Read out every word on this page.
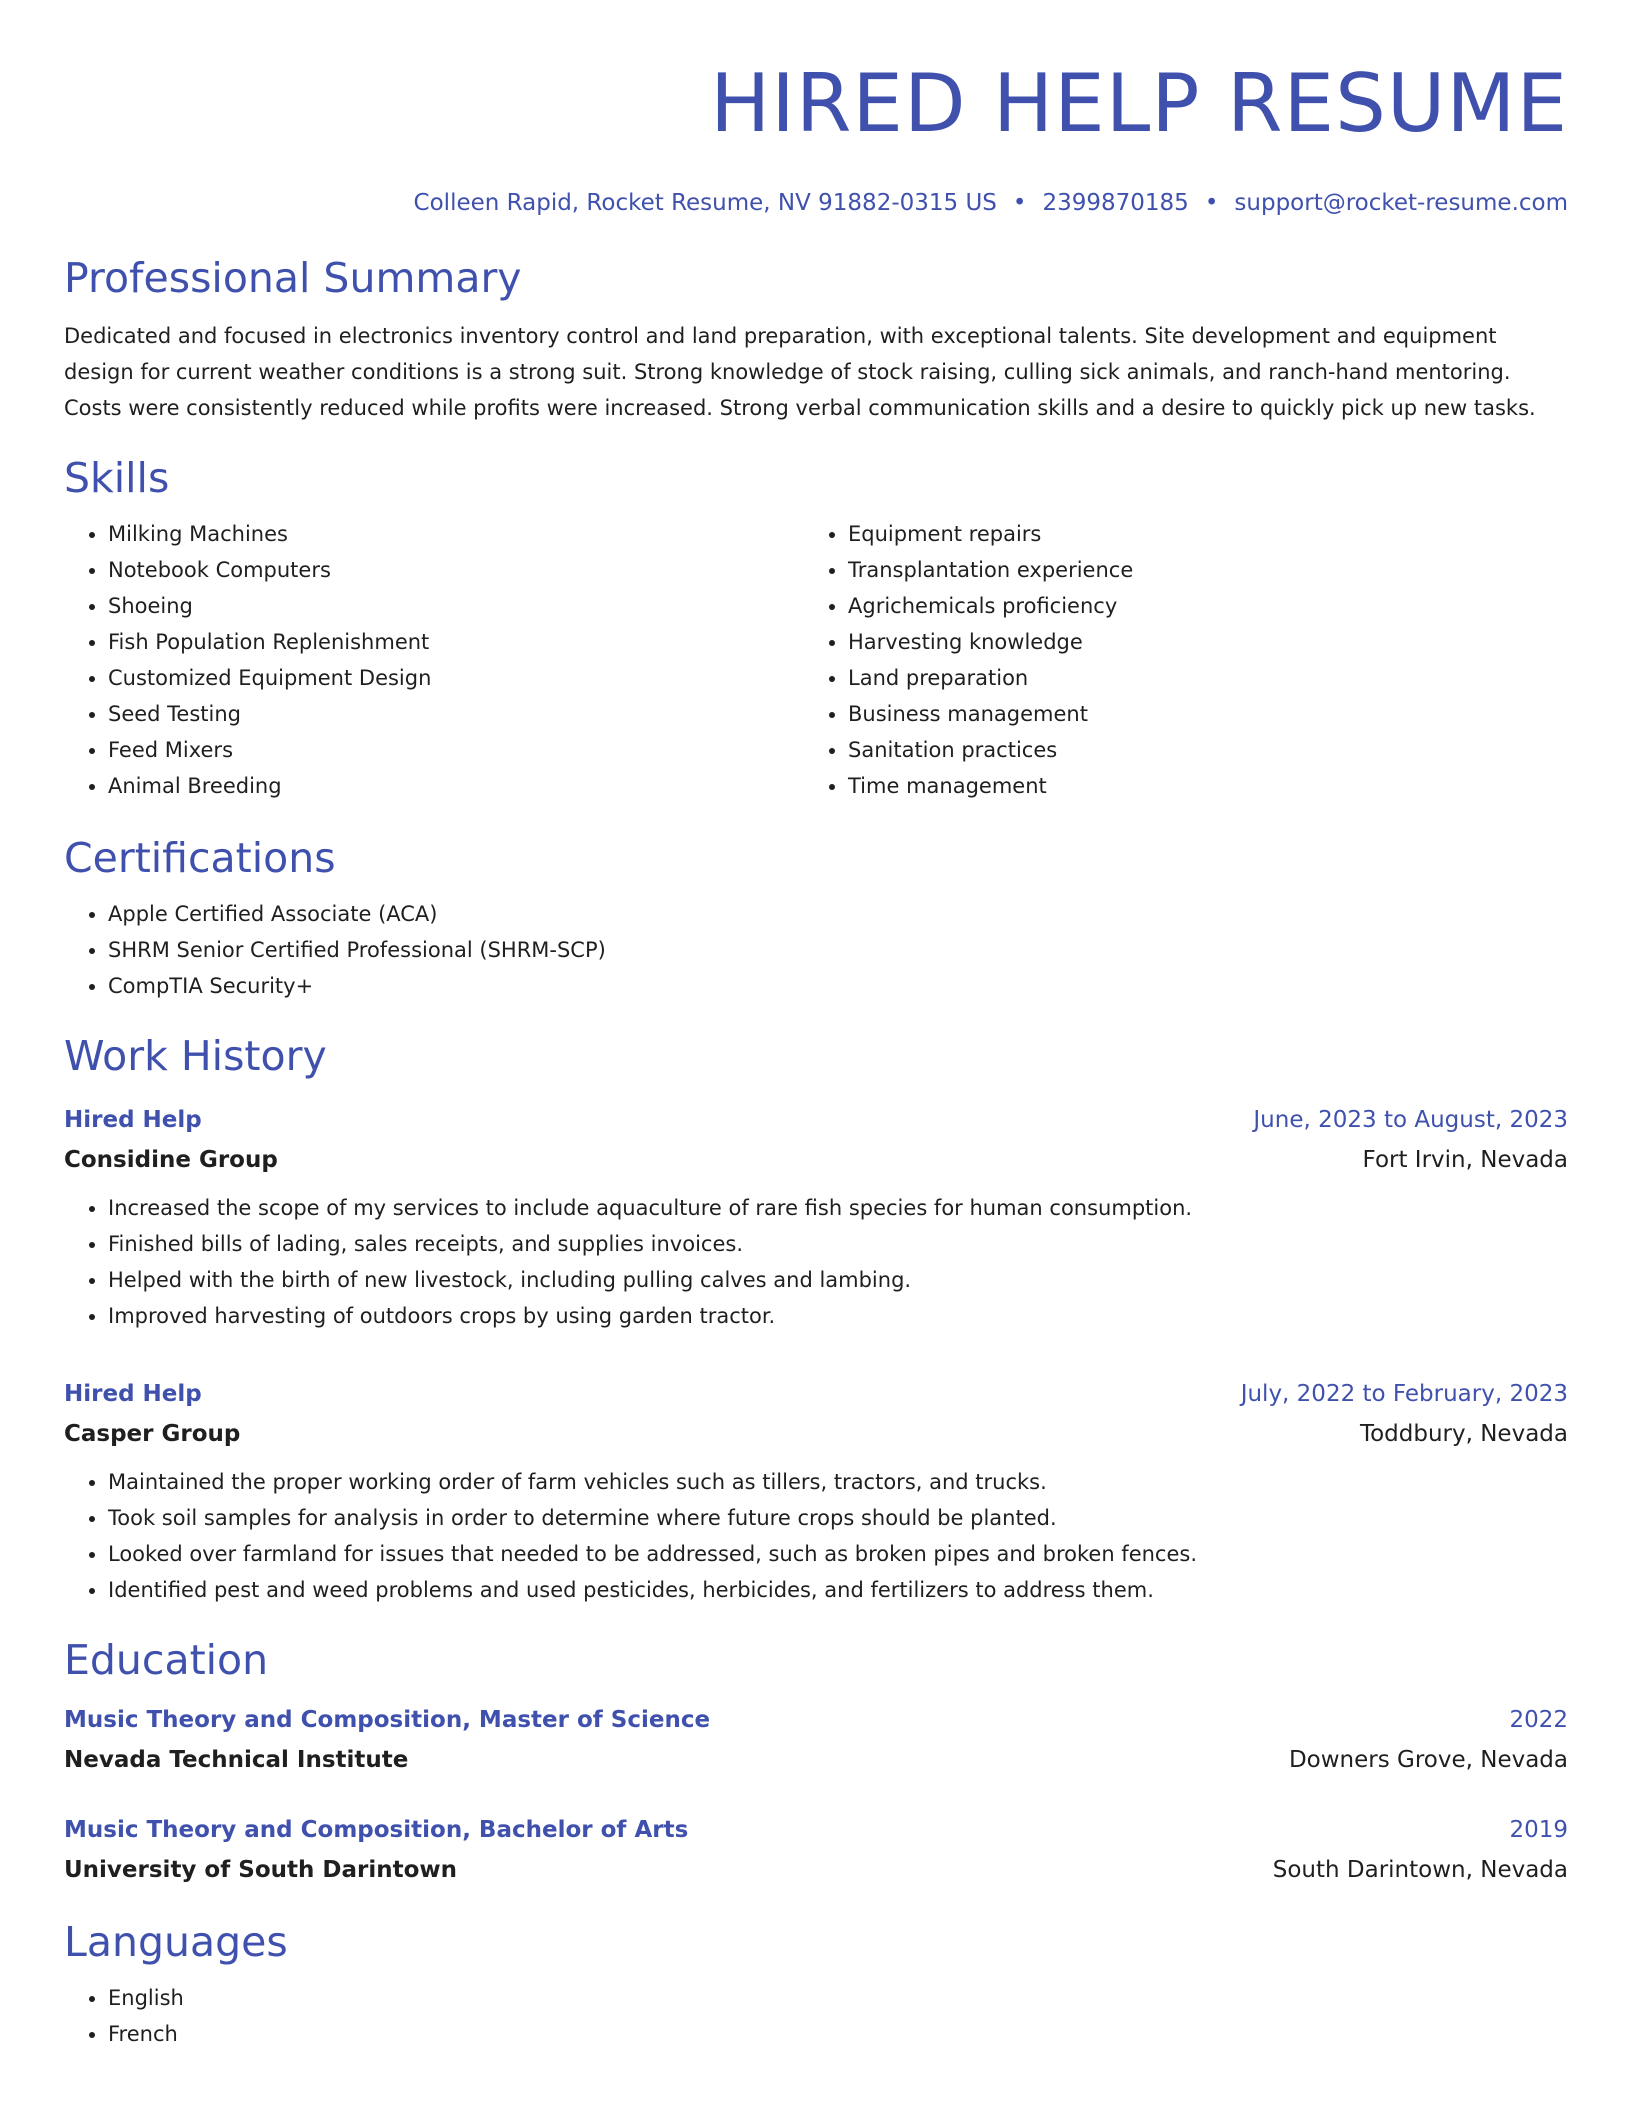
HIRED HELP RESUME
Colleen Rapid, Rocket Resume, NV 91882-0315 US • 2399870185 • support@rocket-resume.com
Professional Summary

Dedicated and focused in electronics inventory control and land preparation, with exceptional talents. Site development and equipment design for current weather conditions is a strong suit. Strong knowledge of stock raising, culling sick animals, and ranch-hand mentoring. Costs were consistently reduced while profits were increased. Strong verbal communication skills and a desire to quickly pick up new tasks.

Skills
• Milking Machines
• Notebook Computers
• Shoeing
• Fish Population Replenishment
• Customized Equipment Design
• Seed Testing
• Feed Mixers
• Animal Breeding
• Equipment repairs
• Transplantation experience
• Agrichemicals proficiency
• Harvesting knowledge
• Land preparation
• Business management
• Sanitation practices
• Time management
Certifications
• Apple Certified Associate (ACA)
• SHRM Senior Certified Professional (SHRM-SCP)
• CompTIA Security+
Work History
Hired Help	June, 2023 to August, 2023
Considine Group	Fort Irvin, Nevada
• Increased the scope of my services to include aquaculture of rare fish species for human consumption.
• Finished bills of lading, sales receipts, and supplies invoices.
• Helped with the birth of new livestock, including pulling calves and lambing.
• Improved harvesting of outdoors crops by using garden tractor.
Hired Help	July, 2022 to February, 2023
Casper Group	Toddbury, Nevada
• Maintained the proper working order of farm vehicles such as tillers, tractors, and trucks.
• Took soil samples for analysis in order to determine where future crops should be planted.
• Looked over farmland for issues that needed to be addressed, such as broken pipes and broken fences.
• Identified pest and weed problems and used pesticides, herbicides, and fertilizers to address them.
Education
Music Theory and Composition, Master of Science	2022
Nevada Technical Institute	Downers Grove, Nevada
Music Theory and Composition, Bachelor of Arts	2019
University of South Darintown	South Darintown, Nevada
Languages
• English
• French
